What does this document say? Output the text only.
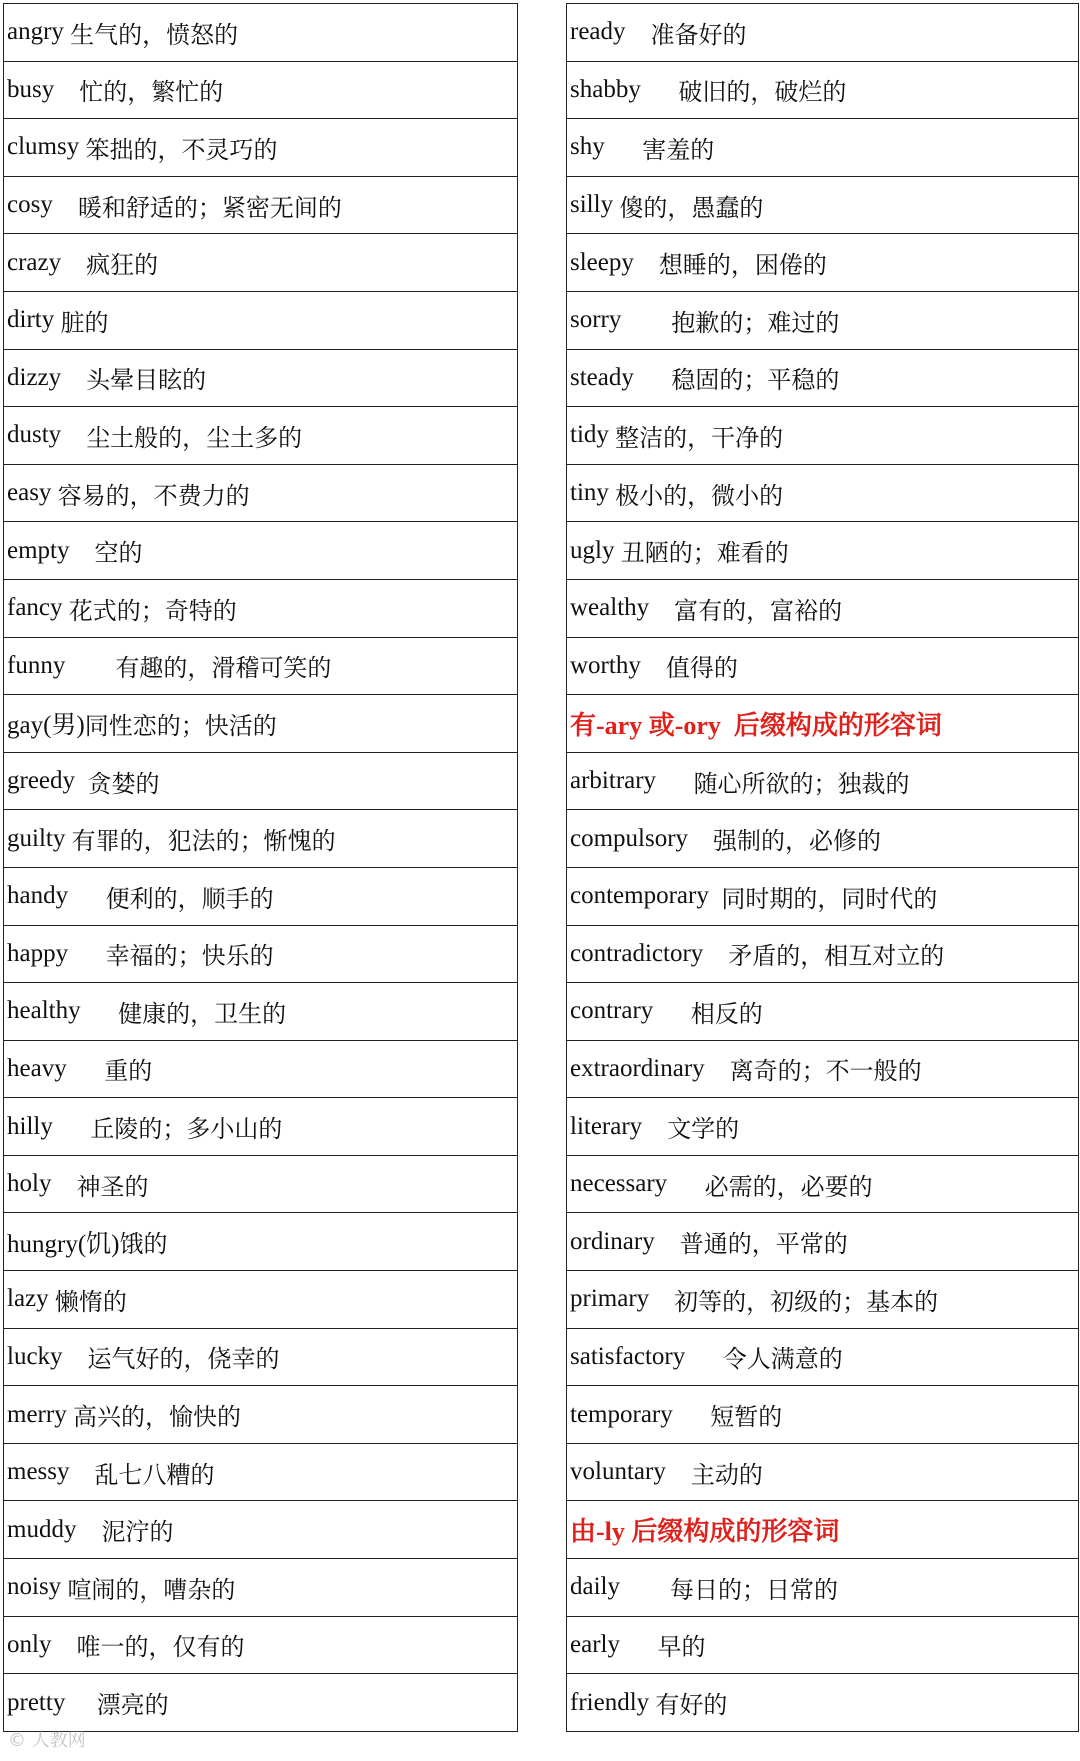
angry
生气的，愤怒的
busy
忙的，繁忙的
clumsy
笨拙的，不灵巧的
cosy
暖和舒适的；紧密无间的
crazy
疯狂的
dirty
脏的
dizzy
头晕目眩的
dusty
尘土般的，尘土多的
easy
容易的，不费力的
empty
空的
fancy
花式的；奇特的
funny
有趣的，滑稽可笑的
gay(男) 同性恋的；快活的
greedy
贪婪的
guilty
有罪的，犯法的；惭愧的
handy
便利的，顺手的
happy
幸福的；快乐的
healthy
健康的，卫生的
heavy
重的
hilly
丘陵的；多小山的
holy
神圣的
hungry(饥) 饿的
lazy
懒惰的
lucky
运气好的，侥幸的
merry
高兴的，愉快的
messy
乱七八糟的
muddy
泥泞的
noisy
喧闹的，嘈杂的
only
唯一的，仅有的
pretty
漂亮的
ready
准备好的
shabby
破旧的，破烂的
shy
害羞的
silly
傻的，愚蠢的
sleepy
想睡的，困倦的
sorry
抱歉的；难过的
steady
稳固的；平稳的
tidy
整洁的，干净的
tiny
极小的，微小的
ugly
丑陋的；难看的
wealthy
富有的，富裕的
worthy
值得的
有-ary 或-ory  后缀构成的形容词
arbitrary
随心所欲的；独裁的
compulsory
强制的，必修的
contemporary
同时期的，同时代的
contradictory
矛盾的，相互对立的
contrary
相反的
extraordinary
离奇的；不一般的
literary
文学的
necessary
必需的，必要的
ordinary
普通的，平常的
primary
初等的，初级的；基本的
satisfactory
令人满意的
temporary
短暂的
voluntary
主动的
由-ly 后缀构成的形容词
daily
每日的；日常的
early
早的
friendly
有好的
© 人教网
